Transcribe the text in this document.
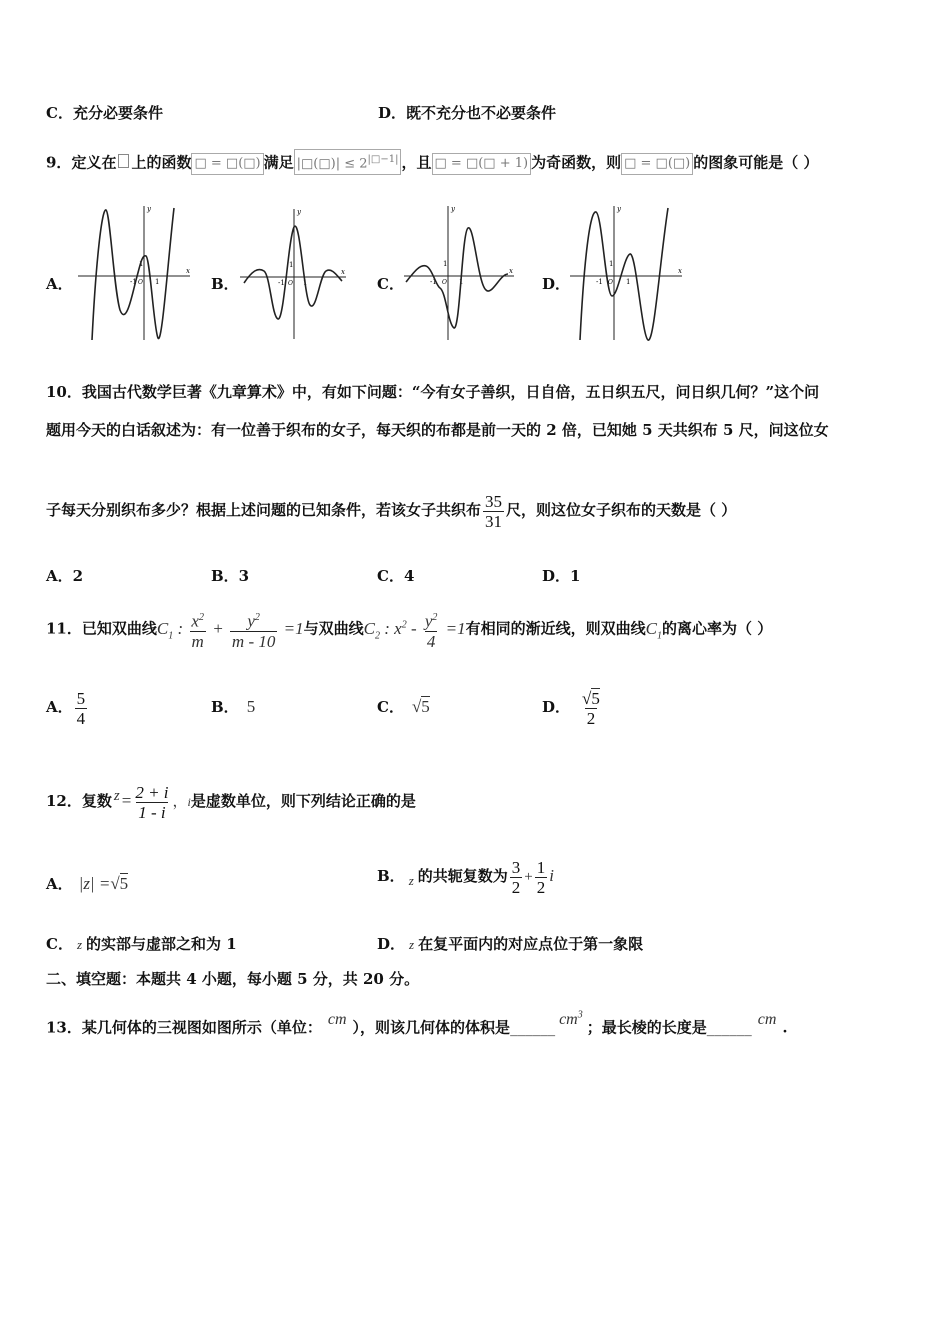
C．充分必要条件	D．既不充分也不必要条件
9．定义在 上的函数 □ = □(□) 满足 |□(□)| ≤ $2^{|□-1|}$ ，且 □ = □(□ + 1) 为奇函数，则 □ = □(□) 的图象可能是（ ）
A．	B．	C．	D．
x
y
-1	1
1
O
x
y
-1	1
1
O
x
y
-1	1
1
O
x
y
-1	1
1
O
10．我国古代数学巨著《九章算术》中，有如下问题：“今有女子善织，日自倍，五日织五尺，问日织几何？”这个问
题用今天的白话叙述为：有一位善于织布的女子，每天织的布都是前一天的 2 倍，已知她 5 天共织布 5 尺，问这位女
子每天分别织布多少？根据上述问题的已知条件，若该女子共织布 $\frac{35}{31}$ 尺，则这位女子织布的天数是（ ）
A．2	B．3	C．4	D．1
11．已知双曲线$C_1$ : $\frac{x^2}{m} + \frac{y^2}{m - 10} =1$与双曲线$C_2$ : $x^2 - \frac{y^2}{4} =1$有相同的渐近线，则双曲线$C_1$的离心率为（ ）
A． $\frac{5}{4}$	B． 5	C． √5	D． $\frac{√5}{2}$
12．复数 $z = \frac{2 + i}{1 - i}$ ，i是虚数单位，则下列结论正确的是
A． |z| =√5	B． z 的共轭复数为 $\frac{3}{2} + \frac{1}{2}$ i
C． z 的实部与虚部之和为 1	D． z 在复平面内的对应点位于第一象限
二、填空题：本题共 4 小题，每小题 5 分，共 20 分。
13．某几何体的三视图如图所示（单位： cm ），则该几何体的体积是______ $cm^3$；最长棱的长度是______ cm .
